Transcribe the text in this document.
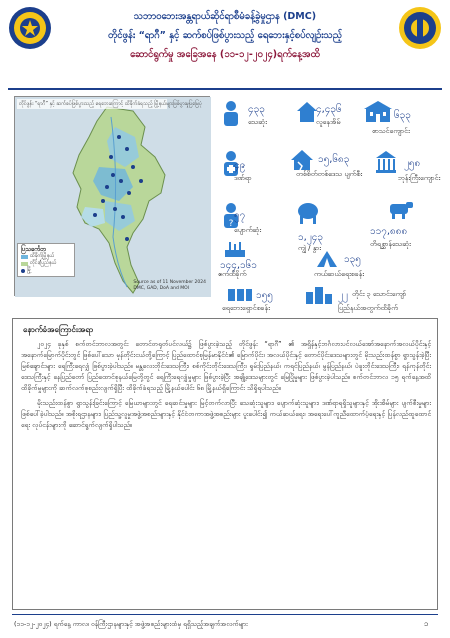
သဘာဝဘေးအန္တရာယ်ဆိုင်ရာစီမံခန့်ခွဲမှုဌာန (DMC)
တိုင်ဖွန်း “ရာဂီ” နှင့် ဆက်စပ်ဖြစ်ပွားသည့် ရေဘေးနှင့်စပ်လျဉ်းသည့်
ဆောင်ရွက်မှု အခြေအနေ (၁၁-၁၂-၂၀၂၄)ရက်နေ့အထိ
တိုင်ဖွန်း “ရာဂီ” နှင့် ဆက်စပ်ဖြစ်ပွားသည့် ရေဘေးကြောင့် ထိခိုက်ခံရသည့် မြို့နယ်များဖြစ်ပွားမှုပြမြေပုံ
ပြသင်္ကေတ
ထိခိုက်မြို့နယ်
တိုင်း/ပြည်နယ်
မြို့
Source as of 11 November 2024
DMC, GAD, DoA and MOI
၄၃၃
သေဆုံး
၄,၄၃၆
လူနေအိမ်
၆၃၃
စာသင်ကျောင်း
၄၉
ဒဏ်ရာ
၁၅,၆၈၃
တစ်စိတ်တစ်ဒေသ ပျက်စီး
၂၅၈
ဘုန်းကြီးကျောင်း
?
၅၇
ပျောက်ဆုံး
၁,၂၄၃
ကျွဲ / နွား
၁၁၇,၈၈၈
တိရစ္ဆာန်သေဆုံး
၁၄၄,၁၆၁
ဧကထိခိုက်
၁၃၅
ကယ်ဆယ်ရေးစခန်း
၁၅၅
ရေဘေးရှောင်စခန်း
၂၂ တိုင်း ၃ သောင်းကျော်
ပြည်နယ်အတွက်ထိခိုက်
နောက်ခံအကြောင်းအရာ

၂၀၂၄ ခုနှစ် စက်တင်ဘာလအတွင်း တောင်တရုတ်ပင်လယ်၌ ဖြစ်ပွားခဲ့သည့် တိုင်ဖွန်း “ရာဂီ” ၏ အရှိန်နှင့်ဘင်္ဂလားပင်လယ်အော်အနောက်အလယ်ပိုင်းနှင့် အနောက်မြောက်ပိုင်းတွင် ဖြစ်ပေါ်သော မုန်တိုင်းငယ်တို့ကြောင့် ပြည်ထောင်စုမြန်မာနိုင်ငံ၏ မြောက်ပိုင်း၊ အလယ်ပိုင်းနှင့် တောင်ပိုင်းဒေသများတွင် မိုးသည်းထန်စွာ ရွာသွန်းခဲ့ပြီး မြစ်ချောင်းများ ရေကြီးရေလျှံ ဖြစ်ပွားခဲ့ပါသည်။ မန္တလေးတိုင်းဒေသကြီး၊ စစ်ကိုင်းတိုင်းဒေသကြီး၊ ရှမ်းပြည်နယ်၊ ကရင်ပြည်နယ်၊ မွန်ပြည်နယ်၊ ပဲခူးတိုင်းဒေသကြီး၊ ရန်ကုန်တိုင်းဒေသကြီးနှင့် နေပြည်တော် ပြည်ထောင်စုနယ်မြေတို့တွင် ရေကြီးရေလျှံမှုများ ဖြစ်ပွားခဲ့ပြီး အချို့ဒေသများတွင် မြေပြိုမှုများ ဖြစ်ပွားခဲ့ပါသည်။ စက်တင်ဘာလ ၁၅ ရက်နေ့အထိ ထိခိုက်မှုများကို ဆက်လက်စုစည်းလျက်ရှိပြီး ထိခိုက်ခံရသည့် မြို့နယ်ပေါင်း ၆၈ မြို့နယ်ရှိကြောင်း သိရှိရပါသည်။

မိုးသည်းထန်စွာ ရွာသွန်းခြင်းကြောင့် မြေယာများတွင် ရေဆင်းမှုများ မြင့်တက်လာပြီး သေဆုံးသူများ၊ ပျောက်ဆုံးသူများ၊ ဒဏ်ရာရရှိသူများနှင့် အိုးအိမ်များ ပျက်စီးမှုများ ဖြစ်ပေါ်ခဲ့ပါသည်။ အစိုးရဌာနများ၊ ပြည်သူ့လူမှုအဖွဲ့အစည်းများနှင့် နိုင်ငံတကာအဖွဲ့အစည်းများ ပူးပေါင်း၍ ကယ်ဆယ်ရေး၊ အရေးပေါ်ကူညီထောက်ပံ့ရေးနှင့် ပြန်လည်ထူထောင်ရေး လုပ်ငန်းများကို ဆောင်ရွက်လျက်ရှိပါသည်။

(၁၁-၁၂-၂၀၂၄) ရက်နေ့ ကာလ၊ ဝန်ကြီးဌာနများနှင့် အဖွဲ့အစည်းများထံမှ ရရှိသည့်အချက်အလက်များ	၁
